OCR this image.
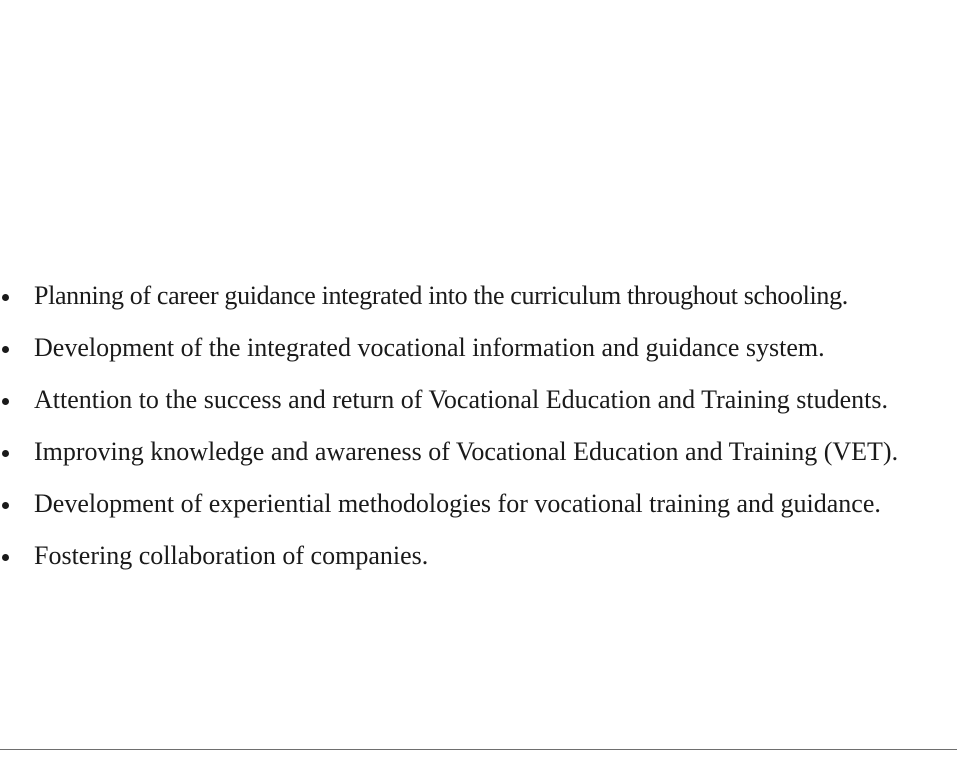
Planning of career guidance integrated into the curriculum throughout schooling.
Development of the integrated vocational information and guidance system.
Attention to the success and return of Vocational Education and Training students.
Improving knowledge and awareness of Vocational Education and Training (VET).
Development of experiential methodologies for vocational training and guidance.
Fostering collaboration of companies.
